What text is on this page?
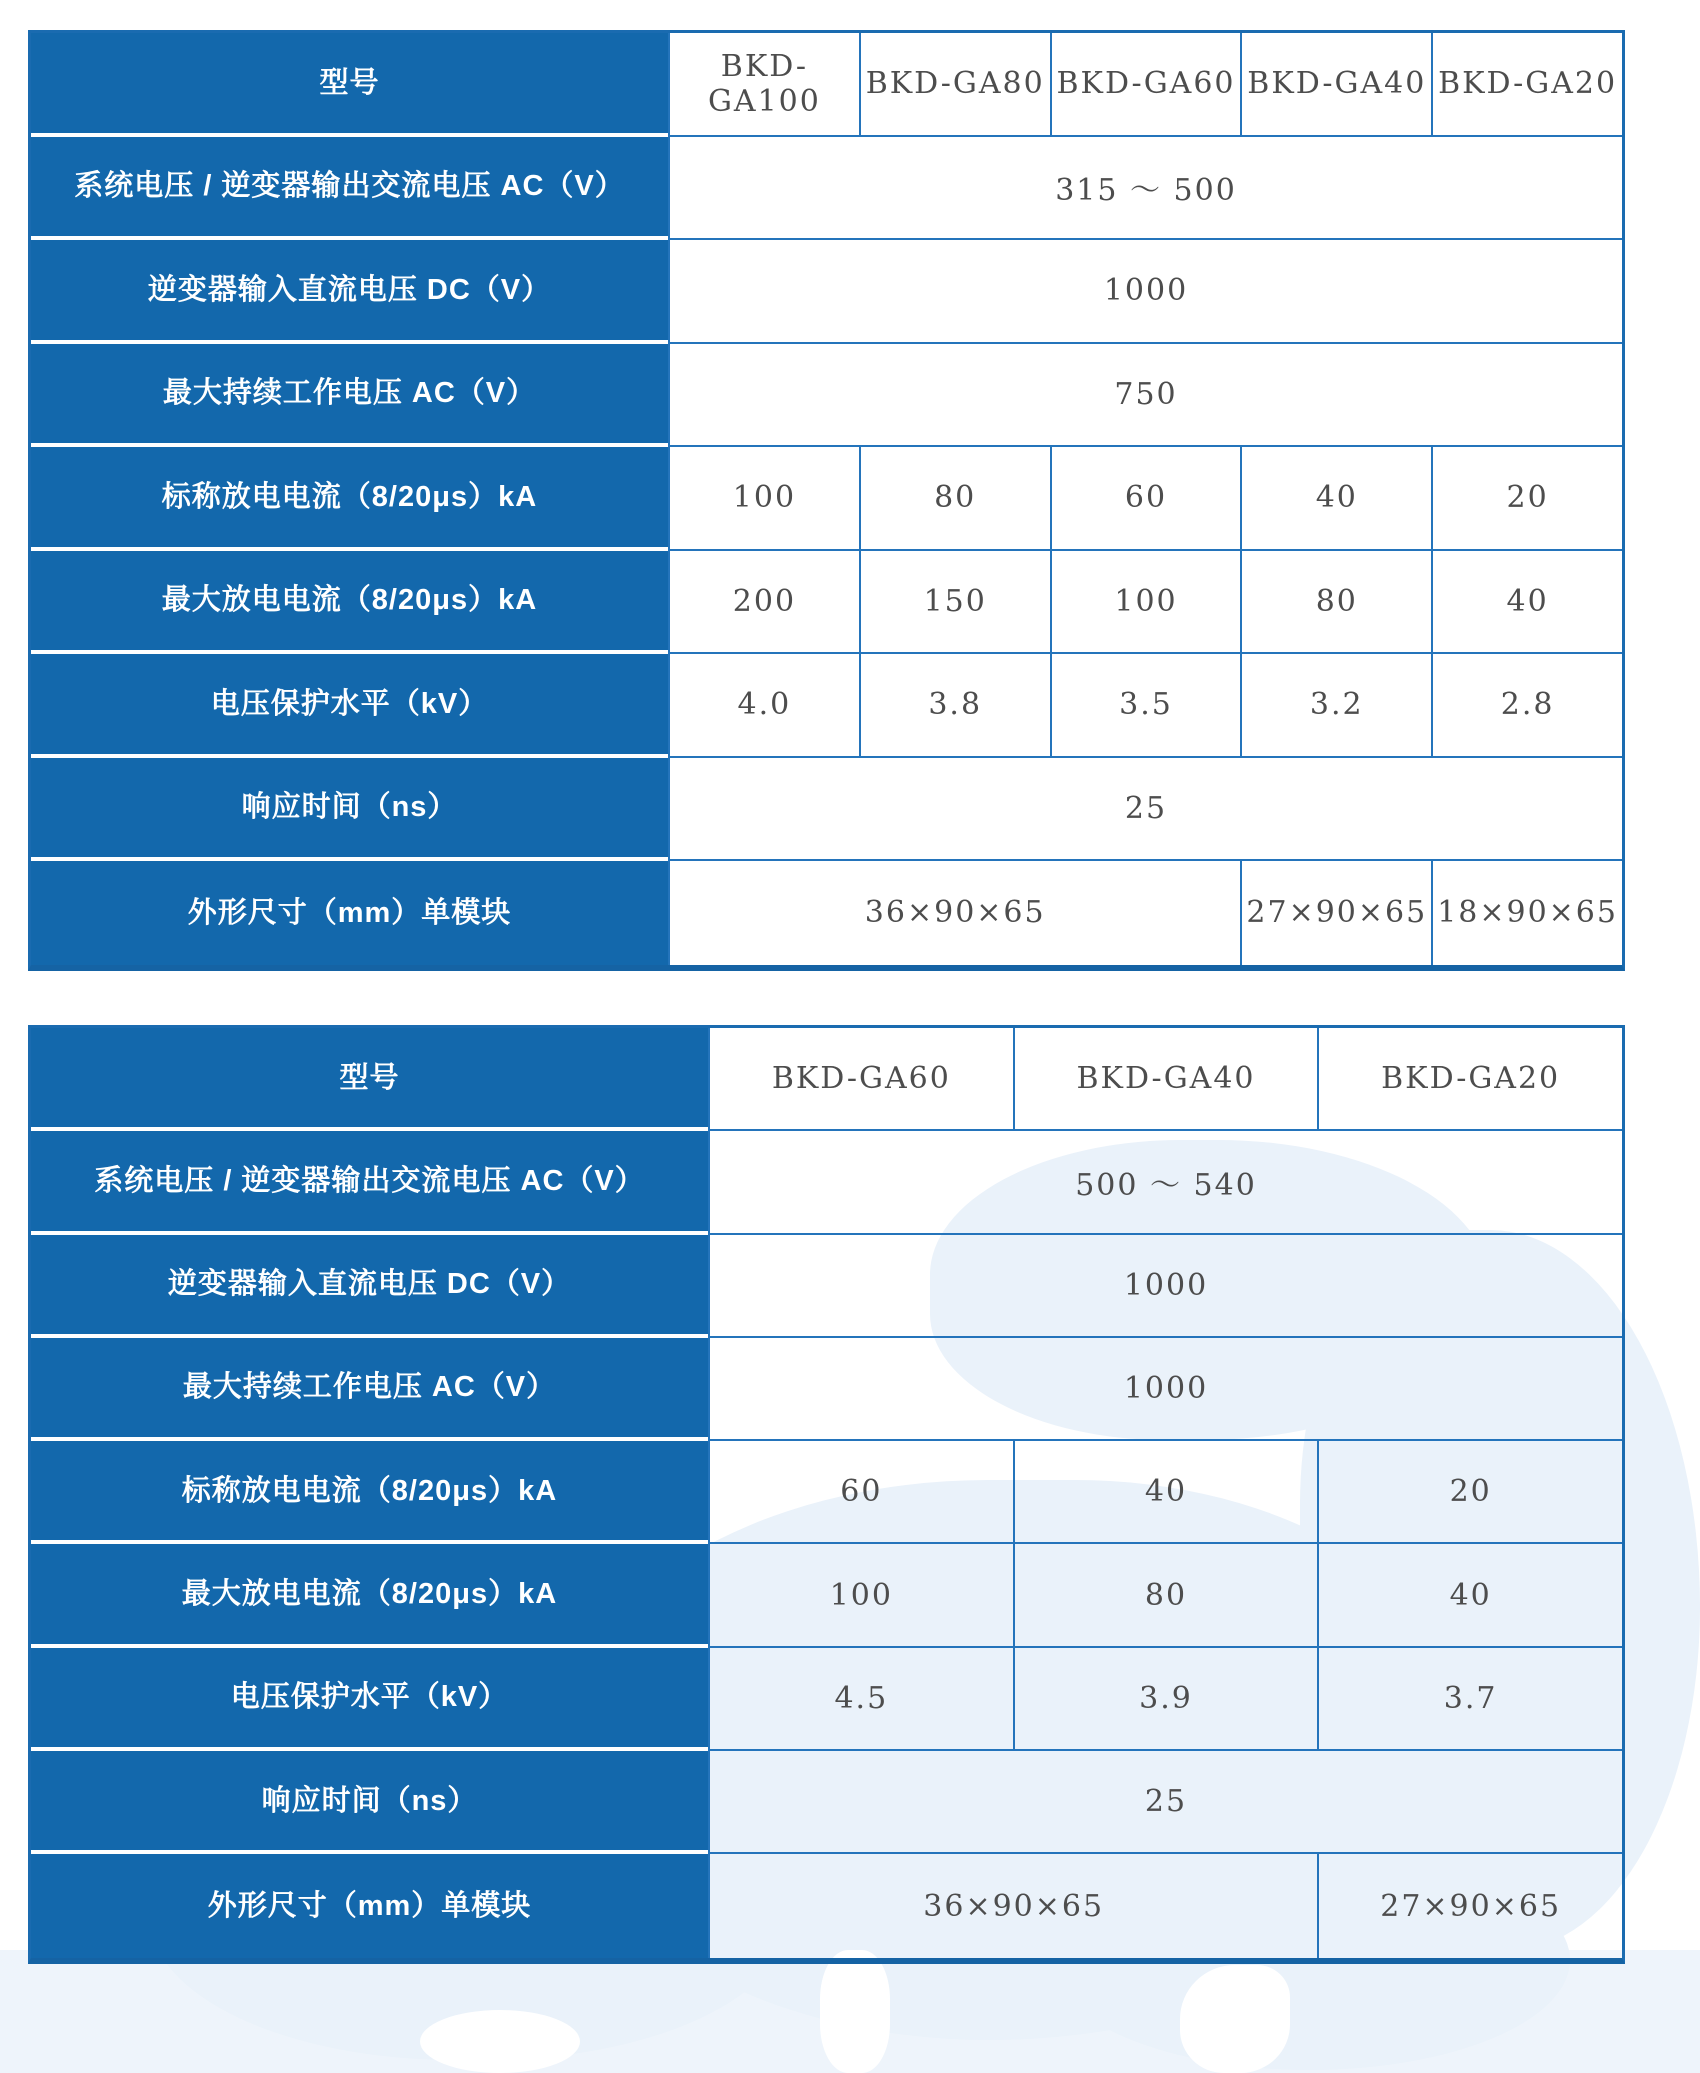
型号	BKD-GA100	BKD-GA80 BKD-GA60 BKD-GA40 BKD-GA20
系统电压 / 逆变器输出交流电压 AC（V）	315 ～ 500
逆变器输入直流电压 DC（V）	1000
最大持续工作电压 AC（V）	750
标称放电电流（8/20μs）kA	100	80	60	40	20
最大放电电流（8/20μs）kA	200	150	100	80	40
电压保护水平（kV）	4.0	3.8	3.5	3.2	2.8
响应时间（ns）	25
外形尺寸（mm）单模块	36×90×65	27×90×65 18×90×65
型号	BKD-GA60	BKD-GA40	BKD-GA20
系统电压 / 逆变器输出交流电压 AC（V）	500 ～ 540
逆变器输入直流电压 DC（V）	1000
最大持续工作电压 AC（V）	1000
标称放电电流（8/20μs）kA	60	40	20
最大放电电流（8/20μs）kA	100	80	40
电压保护水平（kV）	4.5	3.9	3.7
响应时间（ns）	25
外形尺寸（mm）单模块	36×90×65	27×90×65
